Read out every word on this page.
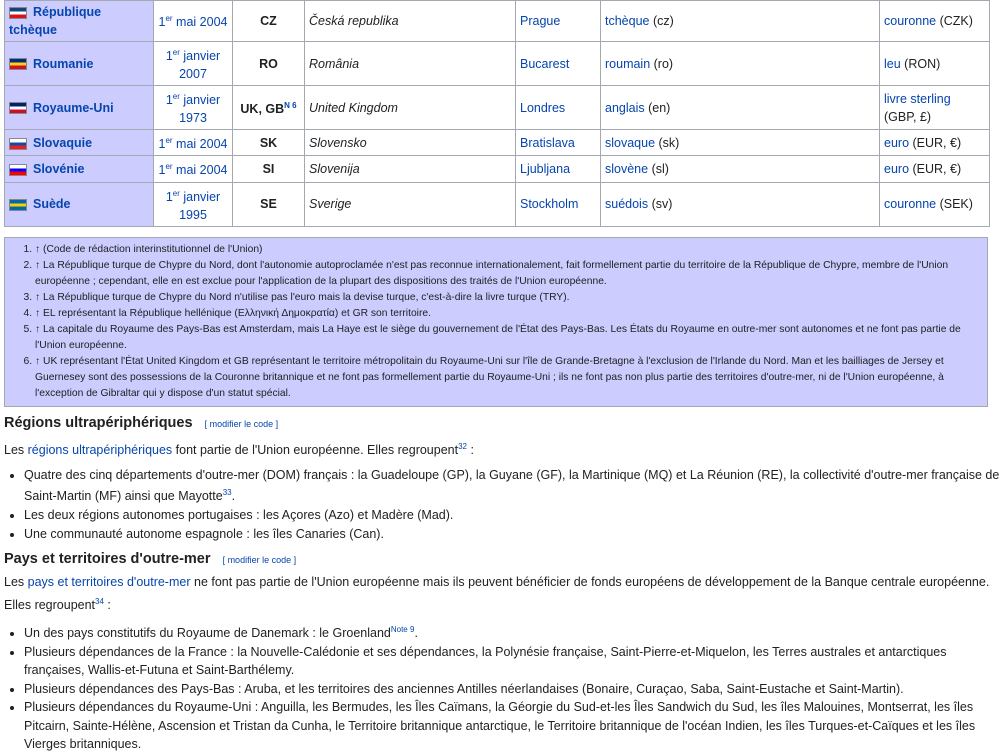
République tchèque	1er mai 2004	CZ	Česká republika	Prague	tchèque (cz)	couronne (CZK)
Roumanie	1er janvier 2007	RO	România	Bucarest	roumain (ro)	leu (RON)
Royaume-Uni	1er janvier 1973	UK, $GB^{N 6}$	United Kingdom	Londres	anglais (en)	livre sterling (GBP, £)
Slovaquie	1er mai 2004	SK	Slovensko	Bratislava	slovaque (sk)	euro (EUR, €)
Slovénie	1er mai 2004	SI	Slovenija	Ljubljana	slovène (sl)	euro (EUR, €)
Suède	1er janvier 1995	SE	Sverige	Stockholm	suédois (sv)	couronne (SEK)
1. ↑ (Code de rédaction interinstitutionnel de l'Union)
2. ↑ La République turque de Chypre du Nord, dont l'autonomie autoproclamée n'est pas reconnue internationalement, fait formellement partie du territoire de la République de Chypre, membre de l'Union européenne ; cependant, elle en est exclue pour l'application de la plupart des dispositions des traités de l'Union européenne.
3. ↑ La République turque de Chypre du Nord n'utilise pas l'euro mais la devise turque, c'est-à-dire la livre turque (TRY).
4. ↑ EL représentant la République hellénique (Ελληνική Δημοκρατία) et GR son territoire.
5. ↑ La capitale du Royaume des Pays-Bas est Amsterdam, mais La Haye est le siège du gouvernement de l'État des Pays-Bas. Les États du Royaume en outre-mer sont autonomes et ne font pas partie de l'Union européenne.
6. ↑ UK représentant l'État United Kingdom et GB représentant le territoire métropolitain du Royaume-Uni sur l'île de Grande-Bretagne à l'exclusion de l'Irlande du Nord. Man et les bailliages de Jersey et Guernesey sont des possessions de la Couronne britannique et ne font pas formellement partie du Royaume-Uni ; ils ne font pas non plus partie des territoires d'outre-mer, ni de l'Union européenne, à l'exception de Gibraltar qui y dispose d'un statut spécial.
Régions ultrapériphériques [ modifier le code ]

Les régions ultrapériphériques font partie de l'Union européenne. Elles regroupent$^{32}$ :

• Quatre des cinq départements d'outre-mer (DOM) français : la Guadeloupe (GP), la Guyane (GF), la Martinique (MQ) et La Réunion (RE), la collectivité d'outre-mer française de Saint-Martin (MF) ainsi que Mayotte$^{33}$.
• Les deux régions autonomes portugaises : les Açores (Azo) et Madère (Mad).
• Une communauté autonome espagnole : les îles Canaries (Can).
Pays et territoires d'outre-mer [ modifier le code ]

Les pays et territoires d'outre-mer ne font pas partie de l'Union européenne mais ils peuvent bénéficier de fonds européens de développement de la Banque centrale européenne. Elles regroupent$^{34}$ :

• Un des pays constitutifs du Royaume de Danemark : le Groenland$^{Note 9}$.
• Plusieurs dépendances de la France : la Nouvelle-Calédonie et ses dépendances, la Polynésie française, Saint-Pierre-et-Miquelon, les Terres australes et antarctiques françaises, Wallis-et-Futuna et Saint-Barthélemy.
• Plusieurs dépendances des Pays-Bas : Aruba, et les territoires des anciennes Antilles néerlandaises (Bonaire, Curaçao, Saba, Saint-Eustache et Saint-Martin).
• Plusieurs dépendances du Royaume-Uni : Anguilla, les Bermudes, les Îles Caïmans, la Géorgie du Sud-et-les Îles Sandwich du Sud, les îles Malouines, Montserrat, les îles Pitcairn, Sainte-Hélène, Ascension et Tristan da Cunha, le Territoire britannique antarctique, le Territoire britannique de l'océan Indien, les îles Turques-et-Caïques et les îles Vierges britanniques.
